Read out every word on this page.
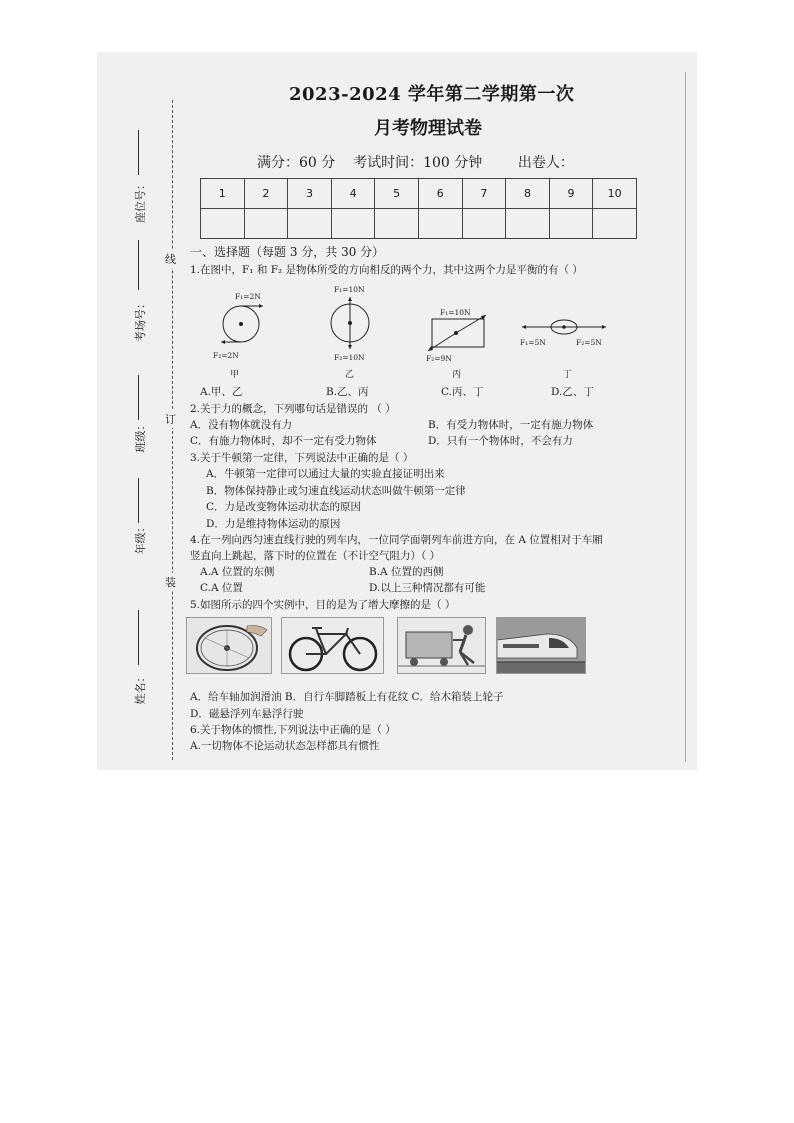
线
订
装
座位号：
考场号：
班级：
年级：
姓名：
2023-2024 学年第二学期第一次
月考物理试卷
满分：60 分    考试时间：100 分钟        出卷人：
1	2	3	4	5	6	7	8	9	10

一、选择题（每题 3 分，共 30 分）
1.在图中，F₁ 和 F₂ 是物体所受的方向相反的两个力，其中这两个力是平衡的有（ ）
F₁=2N
F₂=2N
甲
F₁=10N
F₂=10N
乙
F₁=10N
F₂=9N
丙
F₁=5N	F₂=5N
丁
A.甲、乙	B.乙、丙	C.丙、丁	D.乙、丁
2.关于力的概念，下列哪句话是错误的 （ ）
A．没有物体就没有力	B．有受力物体时，一定有施力物体
C．有施力物体时，却不一定有受力物体	D．只有一个物体时，不会有力
3.关于牛顿第一定律，下列说法中正确的是（ ）
A．牛顿第一定律可以通过大量的实验直接证明出来
B．物体保持静止或匀速直线运动状态叫做牛顿第一定律
C．力是改变物体运动状态的原因
D．力是维持物体运动的原因
4.在一列向西匀速直线行驶的列车内，一位同学面朝列车前进方向，在 A 位置相对于车厢
竖直向上跳起，落下时的位置在（不计空气阻力）（ ）
A.A 位置的东侧	B.A 位置的西侧
C.A 位置	D.以上三种情况都有可能
5.如图所示的四个实例中，目的是为了增大摩擦的是（ ）
A．给车轴加润滑油 B．自行车脚踏板上有花纹 C．给木箱装上轮子
D．磁悬浮列车悬浮行驶
6.关于物体的惯性,下列说法中正确的是（ ）
A.一切物体不论运动状态怎样都具有惯性
